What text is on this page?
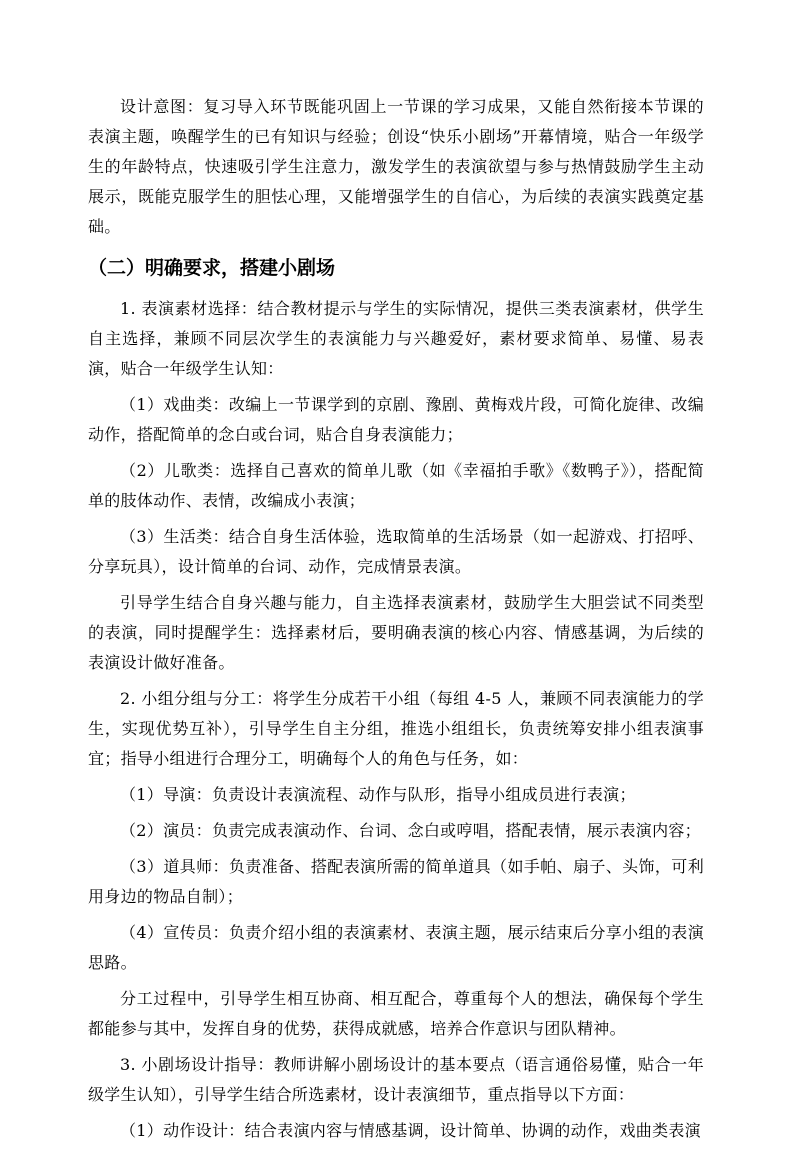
设计意图：复习导入环节既能巩固上一节课的学习成果，又能自然衔接本节课的表演主题，唤醒学生的已有知识与经验；创设“快乐小剧场”开幕情境，贴合一年级学生的年龄特点，快速吸引学生注意力，激发学生的表演欲望与参与热情鼓励学生主动展示，既能克服学生的胆怯心理，又能增强学生的自信心，为后续的表演实践奠定基础。

（二）明确要求，搭建小剧场

1. 表演素材选择：结合教材提示与学生的实际情况，提供三类表演素材，供学生自主选择，兼顾不同层次学生的表演能力与兴趣爱好，素材要求简单、易懂、易表演，贴合一年级学生认知：

（1）戏曲类：改编上一节课学到的京剧、豫剧、黄梅戏片段，可简化旋律、改编动作，搭配简单的念白或台词，贴合自身表演能力；

（2）儿歌类：选择自己喜欢的简单儿歌（如《幸福拍手歌》《数鸭子》），搭配简单的肢体动作、表情，改编成小表演；

（3）生活类：结合自身生活体验，选取简单的生活场景（如一起游戏、打招呼、分享玩具），设计简单的台词、动作，完成情景表演。

引导学生结合自身兴趣与能力，自主选择表演素材，鼓励学生大胆尝试不同类型的表演，同时提醒学生：选择素材后，要明确表演的核心内容、情感基调，为后续的表演设计做好准备。

2. 小组分组与分工：将学生分成若干小组（每组 4-5 人，兼顾不同表演能力的学生，实现优势互补），引导学生自主分组，推选小组组长，负责统筹安排小组表演事宜；指导小组进行合理分工，明确每个人的角色与任务，如：

（1）导演：负责设计表演流程、动作与队形，指导小组成员进行表演；

（2）演员：负责完成表演动作、台词、念白或哼唱，搭配表情，展示表演内容；

（3）道具师：负责准备、搭配表演所需的简单道具（如手帕、扇子、头饰，可利用身边的物品自制）；

（4）宣传员：负责介绍小组的表演素材、表演主题，展示结束后分享小组的表演思路。

分工过程中，引导学生相互协商、相互配合，尊重每个人的想法，确保每个学生都能参与其中，发挥自身的优势，获得成就感，培养合作意识与团队精神。

3. 小剧场设计指导：教师讲解小剧场设计的基本要点（语言通俗易懂，贴合一年级学生认知），引导学生结合所选素材，设计表演细节，重点指导以下方面：

（1）动作设计：结合表演内容与情感基调，设计简单、协调的动作，戏曲类表演
